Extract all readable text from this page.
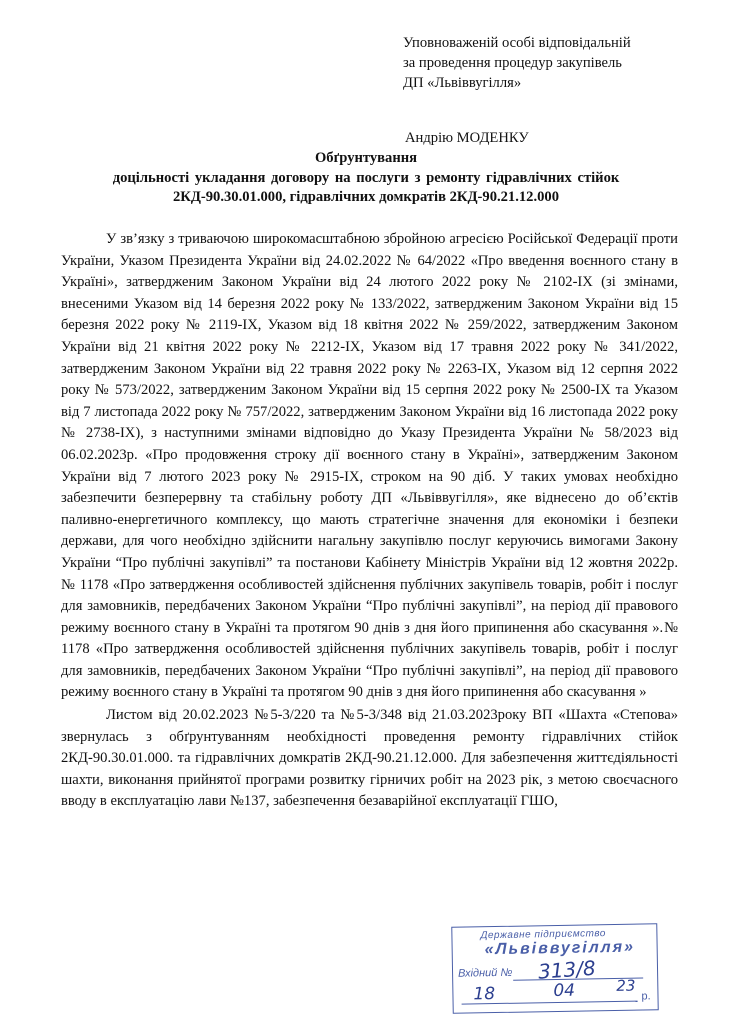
Уповноваженій особі відповідальній
за проведення процедур закупівель
ДП «Львіввугілля»
Андрію МОДЕНКУ
Обґрунтування
доцільності укладання договору на послуги з ремонту гідравлічних стійок
2КД-90.30.01.000, гідравлічних домкратів 2КД-90.21.12.000

У зв’язку з триваючою широкомасштабною збройною агресією Російської Федерації проти України, Указом Президента України від 24.02.2022 № 64/2022 «Про введення воєнного стану в Україні», затвердженим Законом України від 24 лютого 2022 року № 2102-IX (зі змінами, внесеними Указом від 14 березня 2022 року № 133/2022, затвердженим Законом України від 15 березня 2022 року № 2119-IX, Указом від 18 квітня 2022 № 259/2022, затвердженим Законом України від 21 квітня 2022 року № 2212-IX, Указом від 17 травня 2022 року № 341/2022, затвердженим Законом України від 22 травня 2022 року № 2263-IX, Указом від 12 серпня 2022 року № 573/2022, затвердженим Законом України від 15 серпня 2022 року № 2500-IX та Указом від 7 листопада 2022 року № 757/2022, затвердженим Законом України від 16 листопада 2022 року № 2738-IX), з наступними змінами відповідно до Указу Президента України № 58/2023 від 06.02.2023р. «Про продовження строку дії воєнного стану в Україні», затвердженим Законом України від 7 лютого 2023 року № 2915-IX, строком на 90 діб. У таких умовах необхідно забезпечити безперервну та стабільну роботу ДП «Львіввугілля», яке віднесено до об’єктів паливно-енергетичного комплексу, що мають стратегічне значення для економіки і безпеки держави, для чого необхідно здійснити нагальну закупівлю послуг керуючись вимогами Закону України “Про публічні закупівлі” та постанови Кабінету Міністрів України від 12 жовтня 2022р. № 1178 «Про затвердження особливостей здійснення публічних закупівель товарів, робіт і послуг для замовників, передбачених Законом України “Про публічні закупівлі”, на період дії правового режиму воєнного стану в Україні та протягом 90 днів з дня його припинення або скасування ».№ 1178 «Про затвердження особливостей здійснення публічних закупівель товарів, робіт і послуг для замовників, передбачених Законом України “Про публічні закупівлі”, на період дії правового режиму воєнного стану в Україні та протягом 90 днів з дня його припинення або скасування »

Листом від 20.02.2023 №5-3/220 та №5-3/348 від 21.03.2023року ВП «Шахта «Степова» звернулась з обґрунтуванням необхідності проведення ремонту гідравлічних стійок 2КД-90.30.01.000. та гідравлічних домкратів 2КД-90.21.12.000. Для забезпечення життєдіяльності шахти, виконання прийнятої програми розвитку гірничих робіт на 2023 рік, з метою своєчасного вводу в експлуатацію лави №137, забезпечення безаварійної експлуатації ГШО,

Державне підприємство
«Львіввугілля»
Вхідний № 313/8
18	04	23
р.
